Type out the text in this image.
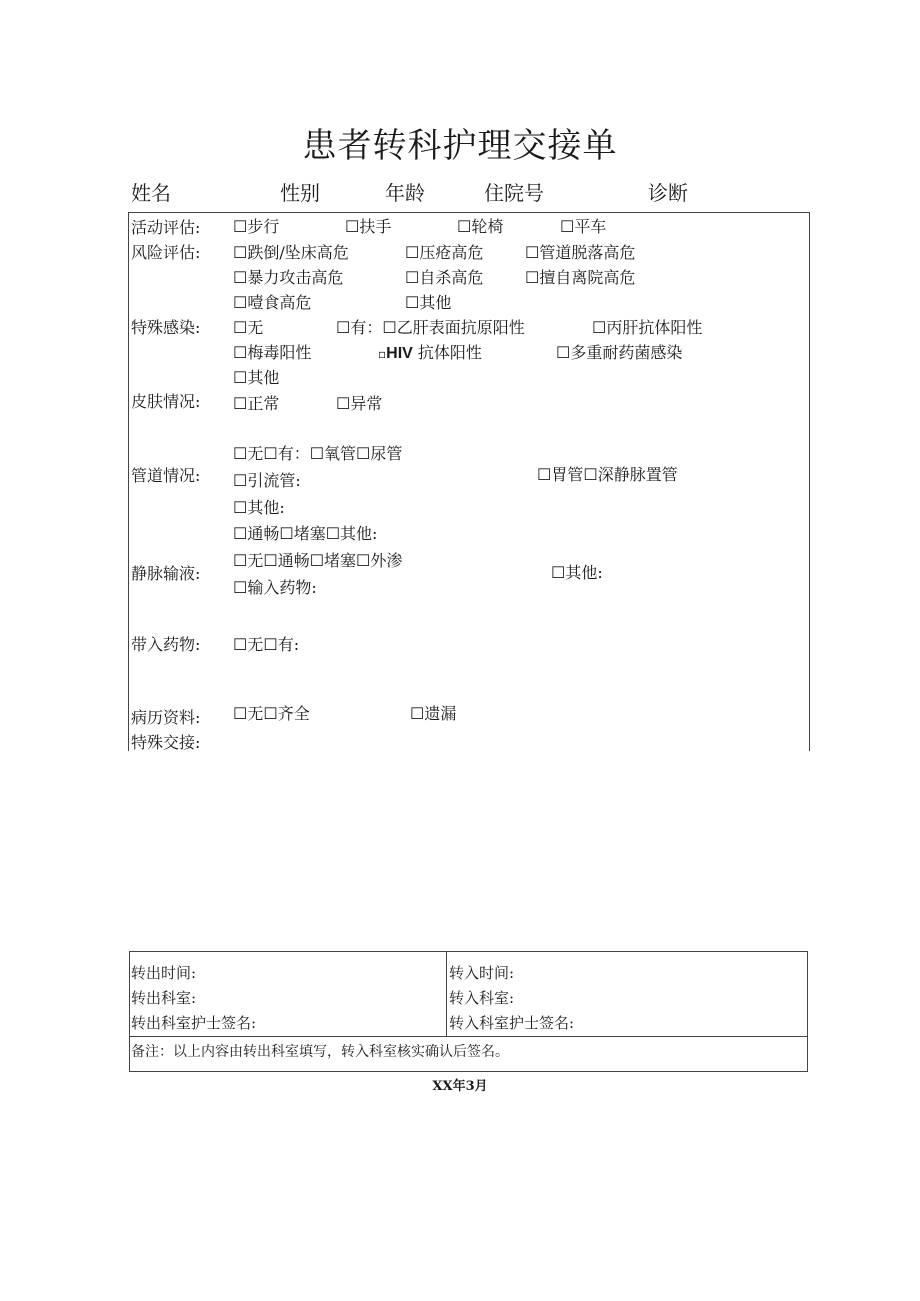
患者转科护理交接单
姓名	性别	年龄	住院号	诊断
活动评估: ☐步行	☐扶手	☐轮椅	☐平车
风险评估: ☐跌倒/坠床高危	☐压疮高危	☐管道脱落高危
☐暴力攻击高危	☐自杀高危	☐擅自离院高危
☐噎食高危	☐其他
特殊感染: ☐无	☐有：☐乙肝表面抗原阳性	☐丙肝抗体阳性
☐梅毒阳性	▫HIV 抗体阳性	☐多重耐药菌感染
☐其他
皮肤情况: ☐正常	☐异常
☐无☐有：☐氧管☐尿管
管道情况: ☐引流管:	☐胃管☐深静脉置管
☐其他:
☐通畅☐堵塞☐其他:
☐无☐通畅☐堵塞☐外渗
静脉输液:	☐其他:
☐输入药物:
带入药物: ☐无☐有:
病历资料: ☐无☐齐全	☐遗漏
特殊交接:
转出时间:	转入时间:
转出科室:	转入科室:
转出科室护士签名:	转入科室护士签名:
备注：以上内容由转出科室填写，转入科室核实确认后签名。
XX年3月
